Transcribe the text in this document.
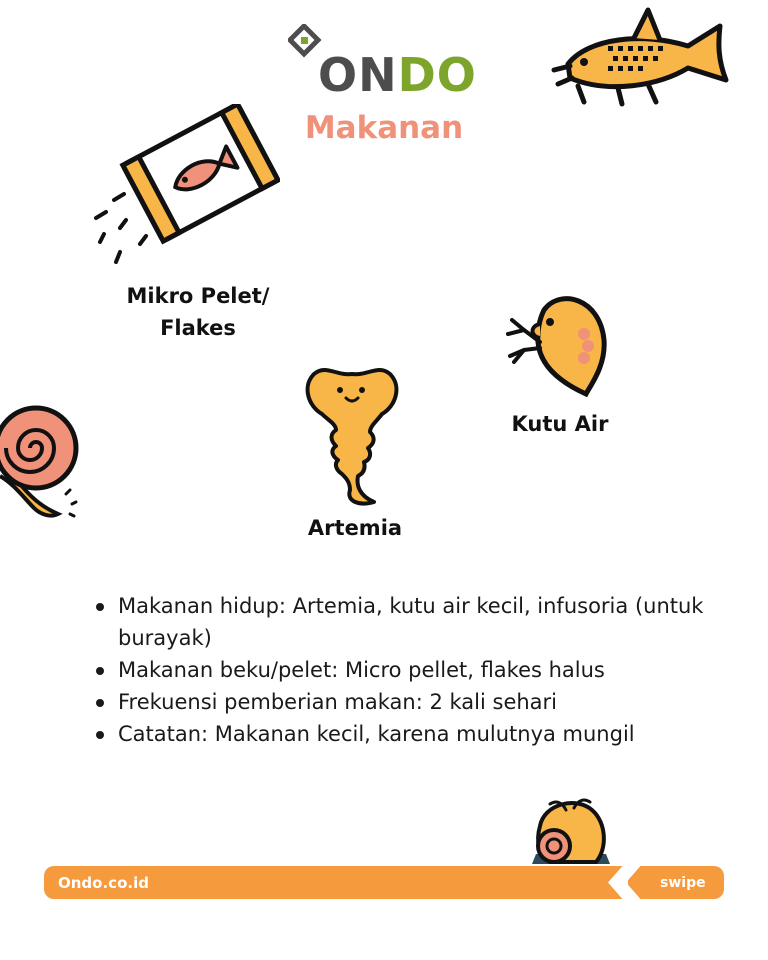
ONDO
Makanan
Mikro Pelet/ Flakes
Kutu Air
Artemia
Makanan hidup: Artemia, kutu air kecil, infusoria (untuk burayak)
Makanan beku/pelet: Micro pellet, flakes halus
Frekuensi pemberian makan: 2 kali sehari
Catatan: Makanan kecil, karena mulutnya mungil
Ondo.co.id	swipe
